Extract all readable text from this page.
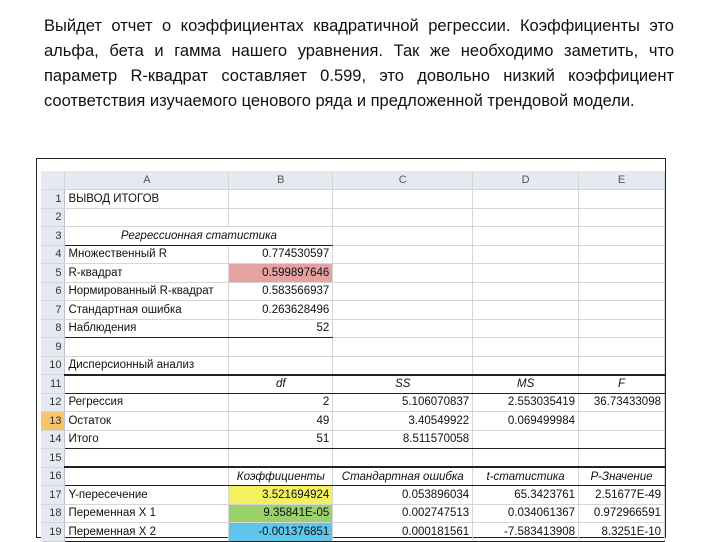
Выйдет отчет о коэффициентах квадратичной регрессии. Коэффициенты это альфа, бета и гамма нашего уравнения. Так же необходимо заметить, что параметр R-квадрат составляет 0.599, это довольно низкий коэффициент соответствия изучаемого ценового ряда и предложенной трендовой модели.
	A	B	C	D	E
1	ВЫВОД ИТОГОВ				
2					
3	Регрессионная статистика				
4	Множественный R	0.774530597			
5	R-квадрат	0.599897646			
6	Нормированный R-квадрат	0.583566937			
7	Стандартная ошибка	0.263628496			
8	Наблюдения	52			
9					
10	Дисперсионный анализ				
11		df	SS	MS	F
12	Регрессия	2	5.106070837	2.553035419	36.73433098
13	Остаток	49	3.40549922	0.069499984	
14	Итого	51	8.511570058		
15					
16		Коэффициенты	Стандартная ошибка	t-статистика	P-Значение
17	Y-пересечение	3.521694924	0.053896034	65.3423761	2.51677E-49
18	Переменная X 1	9.35841E-05	0.002747513	0.034061367	0.972966591
19	Переменная X 2	-0.001376851	0.000181561	-7.583413908	8.3251E-10
